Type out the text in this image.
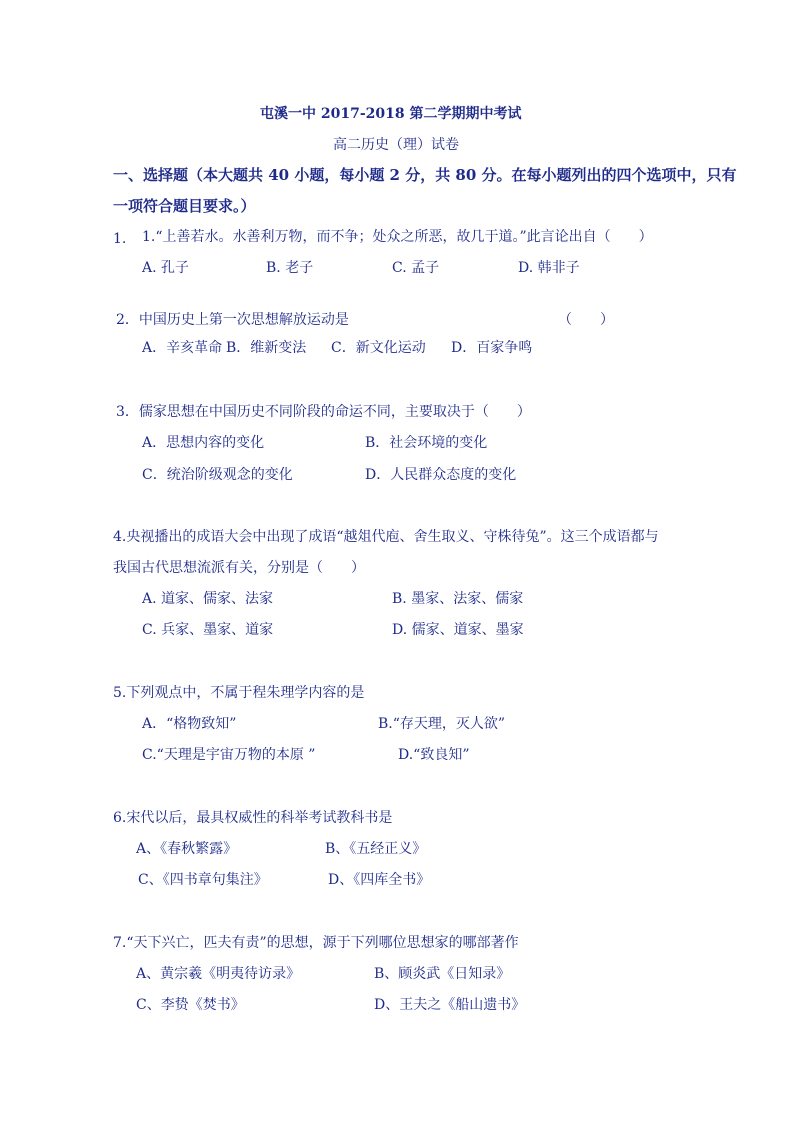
屯溪一中 2017-2018 第二学期期中考试
高二历史（理）试卷
一、选择题（本大题共 40 小题，每小题 2 分，共 80 分。在每小题列出的四个选项中，只有
一项符合题目要求。）
1. 1.“上善若水。水善利万物，而不争；处众之所恶，故几于道。”此言论出自（　　）
A. 孔子	B. 老子	C. 孟子	D. 韩非子
2．中国历史上第一次思想解放运动是	（　　）
A．辛亥革命 B．维新变法 C．新文化运动 D．百家争鸣
3．儒家思想在中国历史不同阶段的命运不同，主要取决于（　　）
A．思想内容的变化	B．社会环境的变化
C．统治阶级观念的变化	D．人民群众态度的变化
4.央视播出的成语大会中出现了成语“越俎代庖、舍生取义、守株待兔”。这三个成语都与
我国古代思想流派有关，分别是（　　）
A. 道家、儒家、法家	B. 墨家、法家、儒家
C. 兵家、墨家、道家	D. 儒家、道家、墨家
5.下列观点中，不属于程朱理学内容的是
A．“格物致知”	B.“存天理，灭人欲”
C.“天理是宇宙万物的本原 ”	D.“致良知”
6.宋代以后，最具权威性的科举考试教科书是
A、《春秋繁露》	B、《五经正义》
C、《四书章句集注》	D、《四库全书》
7.“天下兴亡，匹夫有责”的思想，源于下列哪位思想家的哪部著作
A、黄宗羲《明夷待访录》	B、顾炎武《日知录》
C、李贽《焚书》	D、王夫之《船山遗书》
